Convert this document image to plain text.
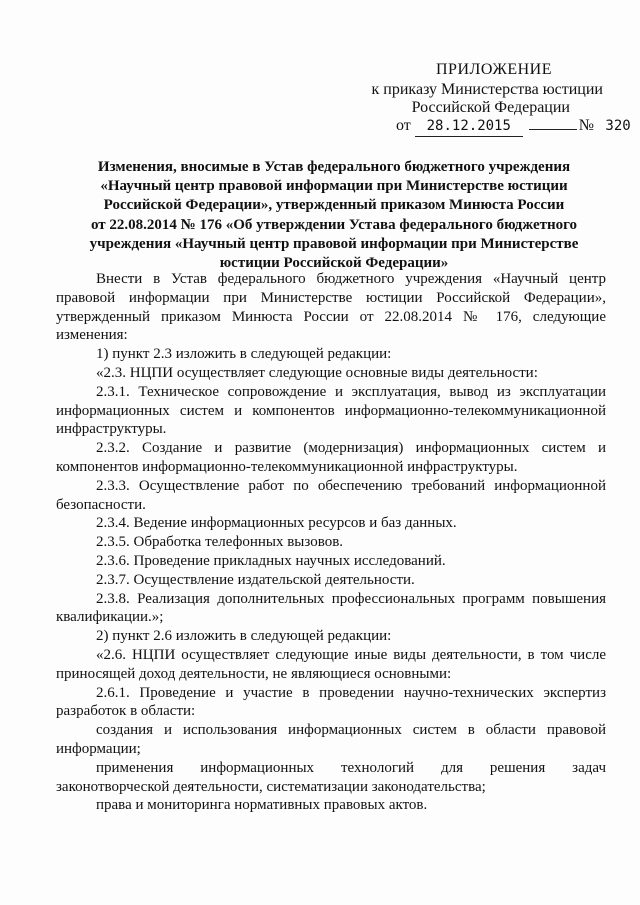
ПРИЛОЖЕНИЕ
к приказу Министерства юстиции
Российской Федерации
от 28.12.2015	№ 320
Изменения, вносимые в Устав федерального бюджетного учреждения
«Научный центр правовой информации при Министерстве юстиции
Российской Федерации», утвержденный приказом Минюста России
от 22.08.2014 № 176 «Об утверждении Устава федерального бюджетного
учреждения «Научный центр правовой информации при Министерстве
юстиции Российской Федерации»

Внести в Устав федерального бюджетного учреждения «Научный центр правовой информации при Министерстве юстиции Российской Федерации», утвержденный приказом Минюста России от 22.08.2014 № 176, следующие изменения:

1) пункт 2.3 изложить в следующей редакции:

«2.3. НЦПИ осуществляет следующие основные виды деятельности:

2.3.1. Техническое сопровождение и эксплуатация, вывод из эксплуатации информационных систем и компонентов информационно-телекоммуникационной инфраструктуры.

2.3.2. Создание и развитие (модернизация) информационных систем и компонентов информационно-телекоммуникационной инфраструктуры.

2.3.3. Осуществление работ по обеспечению требований информационной безопасности.

2.3.4. Ведение информационных ресурсов и баз данных.

2.3.5. Обработка телефонных вызовов.

2.3.6. Проведение прикладных научных исследований.

2.3.7. Осуществление издательской деятельности.

2.3.8. Реализация дополнительных профессиональных программ повышения квалификации.»;

2) пункт 2.6 изложить в следующей редакции:

«2.6. НЦПИ осуществляет следующие иные виды деятельности, в том числе приносящей доход деятельности, не являющиеся основными:

2.6.1. Проведение и участие в проведении научно-технических экспертиз разработок в области:

создания и использования информационных систем в области правовой информации;

применения информационных технологий для решения задач законотворческой деятельности, систематизации законодательства;

права и мониторинга нормативных правовых актов.
